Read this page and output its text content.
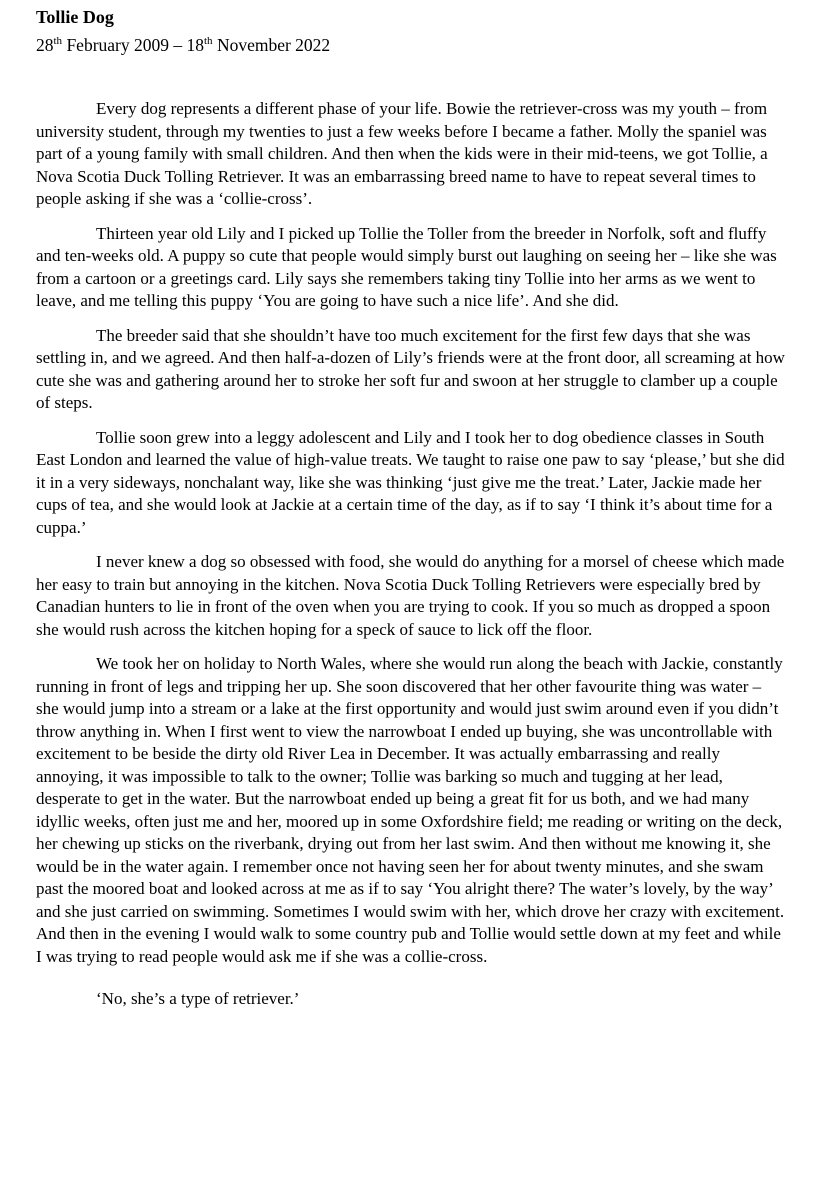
Tollie Dog

28th February 2009 – 18th November 2022

Every dog represents a different phase of your life. Bowie the retriever-cross was my youth – from university student, through my twenties to just a few weeks before I became a father. Molly the spaniel was part of a young family with small children. And then when the kids were in their mid-teens, we got Tollie, a Nova Scotia Duck Tolling Retriever. It was an embarrassing breed name to have to repeat several times to people asking if she was a ‘collie-cross’.

Thirteen year old Lily and I picked up Tollie the Toller from the breeder in Norfolk, soft and fluffy and ten-weeks old. A puppy so cute that people would simply burst out laughing on seeing her – like she was from a cartoon or a greetings card. Lily says she remembers taking tiny Tollie into her arms as we went to leave, and me telling this puppy ‘You are going to have such a nice life’. And she did.

The breeder said that she shouldn’t have too much excitement for the first few days that she was settling in, and we agreed. And then half-a-dozen of Lily’s friends were at the front door, all screaming at how cute she was and gathering around her to stroke her soft fur and swoon at her struggle to clamber up a couple of steps.

Tollie soon grew into a leggy adolescent and Lily and I took her to dog obedience classes in South East London and learned the value of high-value treats. We taught to raise one paw to say ‘please,’ but she did it in a very sideways, nonchalant way, like she was thinking ‘just give me the treat.’ Later, Jackie made her cups of tea, and she would look at Jackie at a certain time of the day, as if to say ‘I think it’s about time for a cuppa.’

I never knew a dog so obsessed with food, she would do anything for a morsel of cheese which made her easy to train but annoying in the kitchen. Nova Scotia Duck Tolling Retrievers were especially bred by Canadian hunters to lie in front of the oven when you are trying to cook. If you so much as dropped a spoon she would rush across the kitchen hoping for a speck of sauce to lick off the floor.

We took her on holiday to North Wales, where she would run along the beach with Jackie, constantly running in front of legs and tripping her up. She soon discovered that her other favourite thing was water – she would jump into a stream or a lake at the first opportunity and would just swim around even if you didn’t throw anything in. When I first went to view the narrowboat I ended up buying, she was uncontrollable with excitement to be beside the dirty old River Lea in December. It was actually embarrassing and really annoying, it was impossible to talk to the owner; Tollie was barking so much and tugging at her lead, desperate to get in the water. But the narrowboat ended up being a great fit for us both, and we had many idyllic weeks, often just me and her, moored up in some Oxfordshire field; me reading or writing on the deck, her chewing up sticks on the riverbank, drying out from her last swim. And then without me knowing it, she would be in the water again. I remember once not having seen her for about twenty minutes, and she swam past the moored boat and looked across at me as if to say ‘You alright there? The water’s lovely, by the way’ and she just carried on swimming. Sometimes I would swim with her, which drove her crazy with excitement. And then in the evening I would walk to some country pub and Tollie would settle down at my feet and while I was trying to read people would ask me if she was a collie-cross.

‘No, she’s a type of retriever.’
